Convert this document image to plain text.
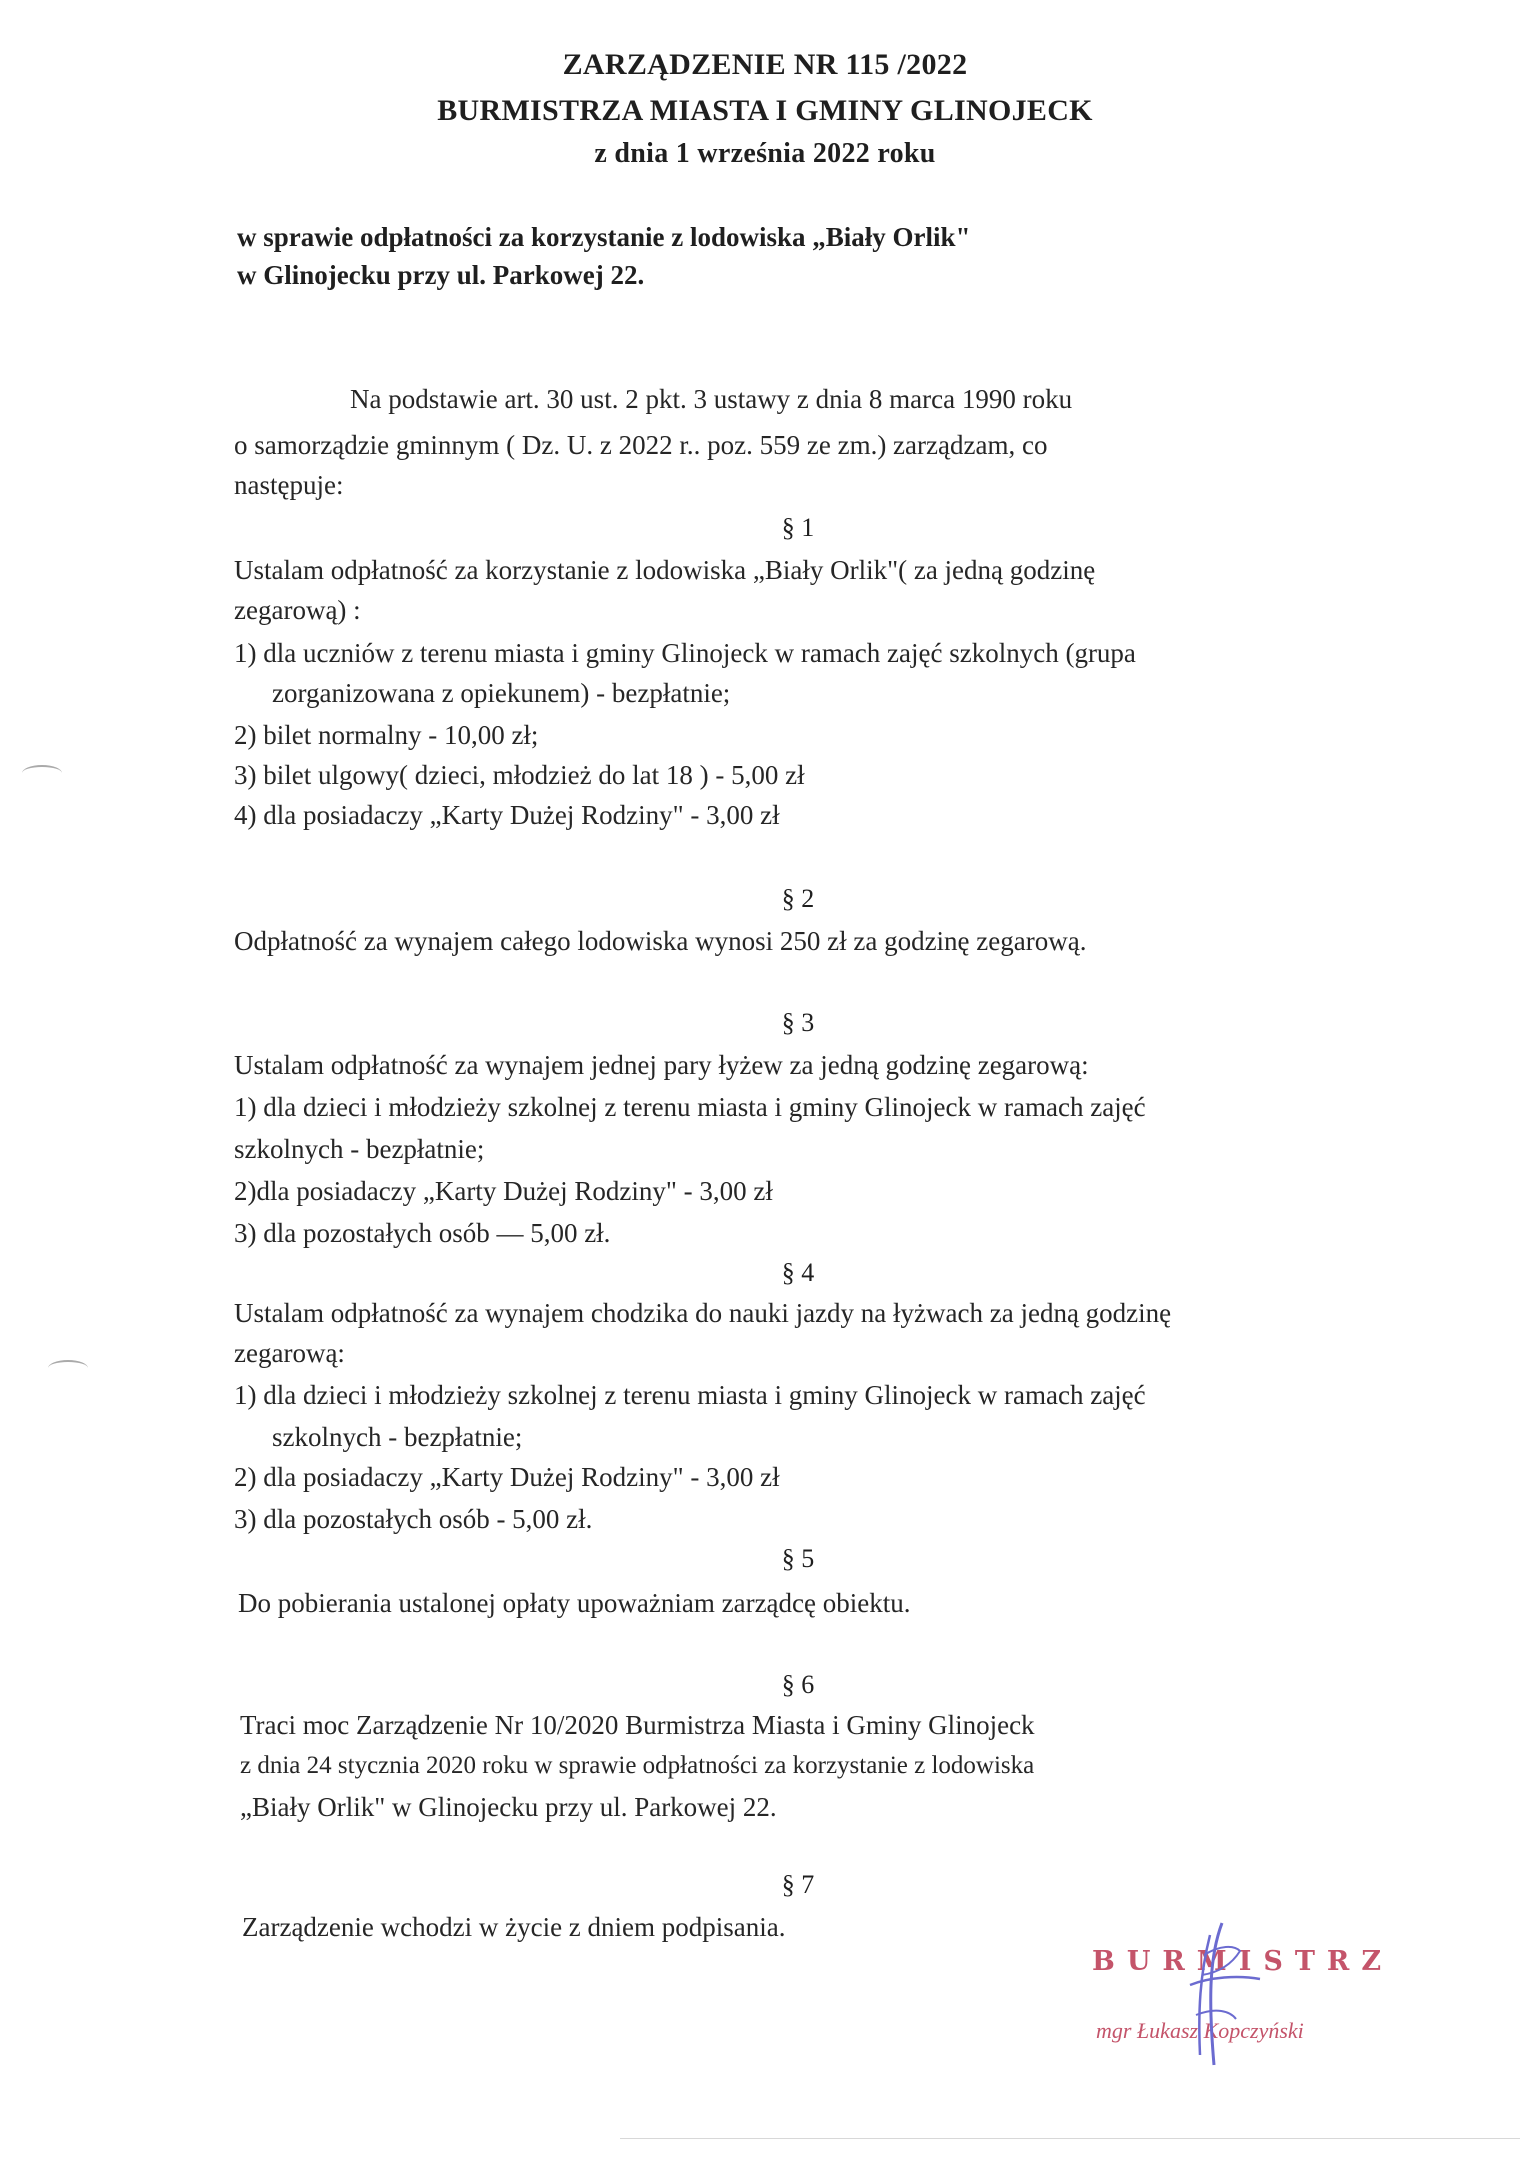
ZARZĄDZENIE NR 115 /2022
BURMISTRZA MIASTA I GMINY GLINOJECK
z dnia 1 września 2022 roku
w sprawie odpłatności za korzystanie z lodowiska „Biały Orlik"
w Glinojecku przy ul. Parkowej 22.
Na podstawie art. 30 ust. 2 pkt. 3 ustawy z dnia 8 marca 1990 roku
o samorządzie gminnym ( Dz. U. z 2022 r.. poz. 559 ze zm.) zarządzam, co
następuje:
§ 1
Ustalam odpłatność za korzystanie z lodowiska „Biały Orlik"( za jedną godzinę
zegarową) :
1) dla uczniów z terenu miasta i gminy Glinojeck w ramach zajęć szkolnych (grupa
zorganizowana z opiekunem) - bezpłatnie;
2) bilet normalny - 10,00 zł;
3) bilet ulgowy( dzieci, młodzież do lat 18 ) - 5,00 zł
4) dla posiadaczy „Karty Dużej Rodziny" - 3,00 zł
§ 2
Odpłatność za wynajem całego lodowiska wynosi 250 zł za godzinę zegarową.
§ 3
Ustalam odpłatność za wynajem jednej pary łyżew za jedną godzinę zegarową:
1) dla dzieci i młodzieży szkolnej z terenu miasta i gminy Glinojeck w ramach zajęć
szkolnych - bezpłatnie;
2)dla posiadaczy „Karty Dużej Rodziny" - 3,00 zł
3) dla pozostałych osób — 5,00 zł.
§ 4
Ustalam odpłatność za wynajem chodzika do nauki jazdy na łyżwach za jedną godzinę
zegarową:
1) dla dzieci i młodzieży szkolnej z terenu miasta i gminy Glinojeck w ramach zajęć
szkolnych - bezpłatnie;
2) dla posiadaczy „Karty Dużej Rodziny" - 3,00 zł
3) dla pozostałych osób - 5,00 zł.
§ 5
Do pobierania ustalonej opłaty upoważniam zarządcę obiektu.
§ 6
Traci moc Zarządzenie Nr 10/2020 Burmistrza Miasta i Gminy Glinojeck
z dnia 24 stycznia 2020 roku w sprawie odpłatności za korzystanie z lodowiska
„Biały Orlik" w Glinojecku przy ul. Parkowej 22.
§ 7
Zarządzenie wchodzi w życie z dniem podpisania.
BURMISTRZ
mgr Łukasz Kopczyński
